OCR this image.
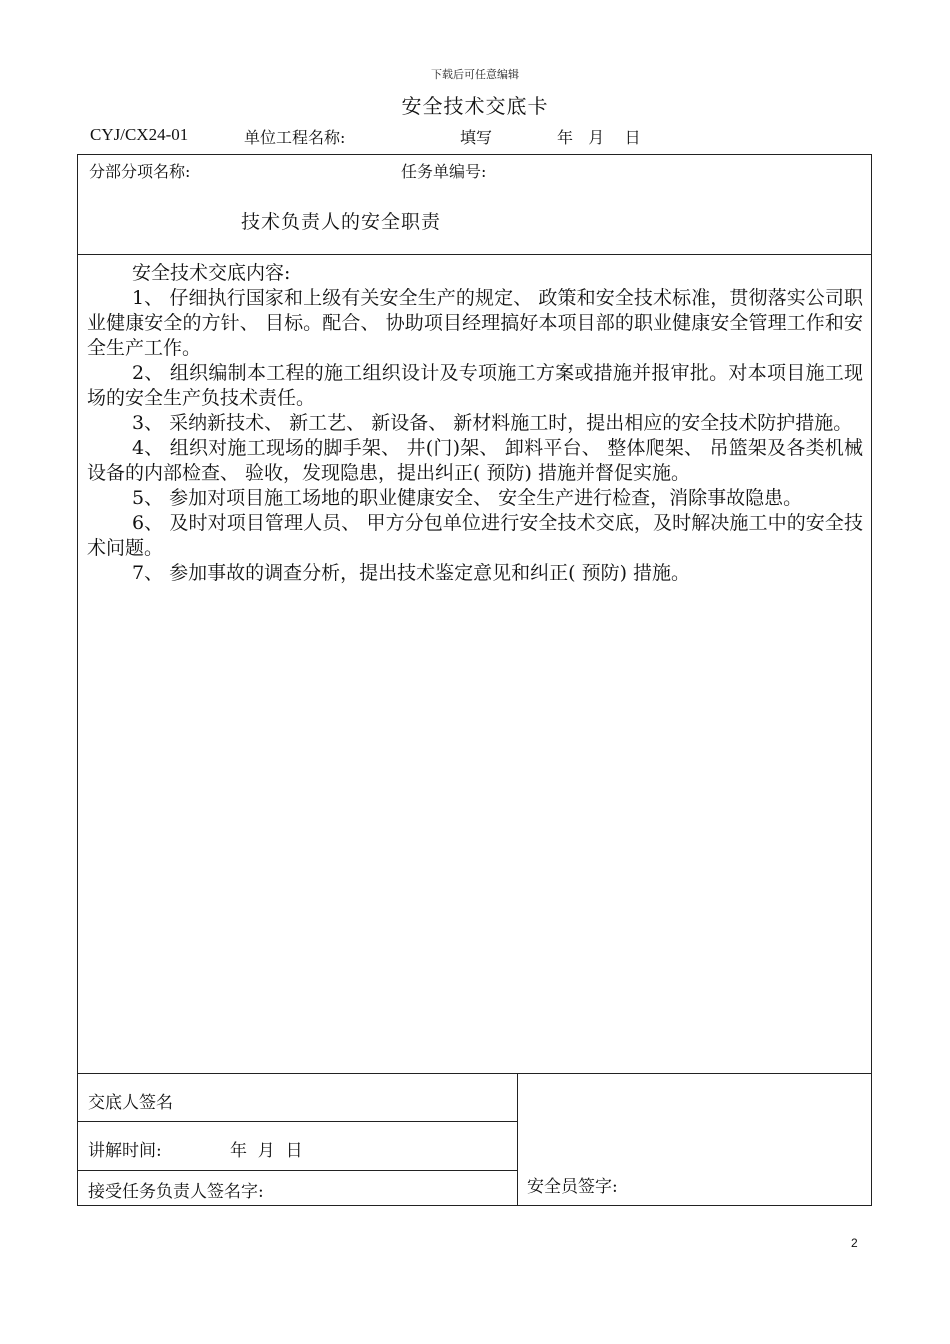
下载后可任意编辑
安全技术交底卡
CYJ/CX24-01	单位工程名称:	填写	年   月    日
分部分项名称:	任务单编号:
技术负责人的安全职责

安全技术交底内容:

1、 仔细执行国家和上级有关安全生产的规定、 政策和安全技术标准，贯彻落实公司职业健康安全的方针、 目标。配合、 协助项目经理搞好本项目部的职业健康安全管理工作和安全生产工作。

2、 组织编制本工程的施工组织设计及专项施工方案或措施并报审批。对本项目施工现场的安全生产负技术责任。

3、 采纳新技术、 新工艺、 新设备、 新材料施工时，提出相应的安全技术防护措施。

4、 组织对施工现场的脚手架、 井(门)架、 卸料平台、 整体爬架、 吊篮架及各类机械设备的内部检查、 验收，发现隐患，提出纠正( 预防) 措施并督促实施。

5、 参加对项目施工场地的职业健康安全、 安全生产进行检查，消除事故隐患。

6、 及时对项目管理人员、 甲方分包单位进行安全技术交底，及时解决施工中的安全技术问题。

7、 参加事故的调查分析，提出技术鉴定意见和纠正( 预防) 措施。

交底人签名
讲解时间:	年  月  日
接受任务负责人签名字:	安全员签字:
2
